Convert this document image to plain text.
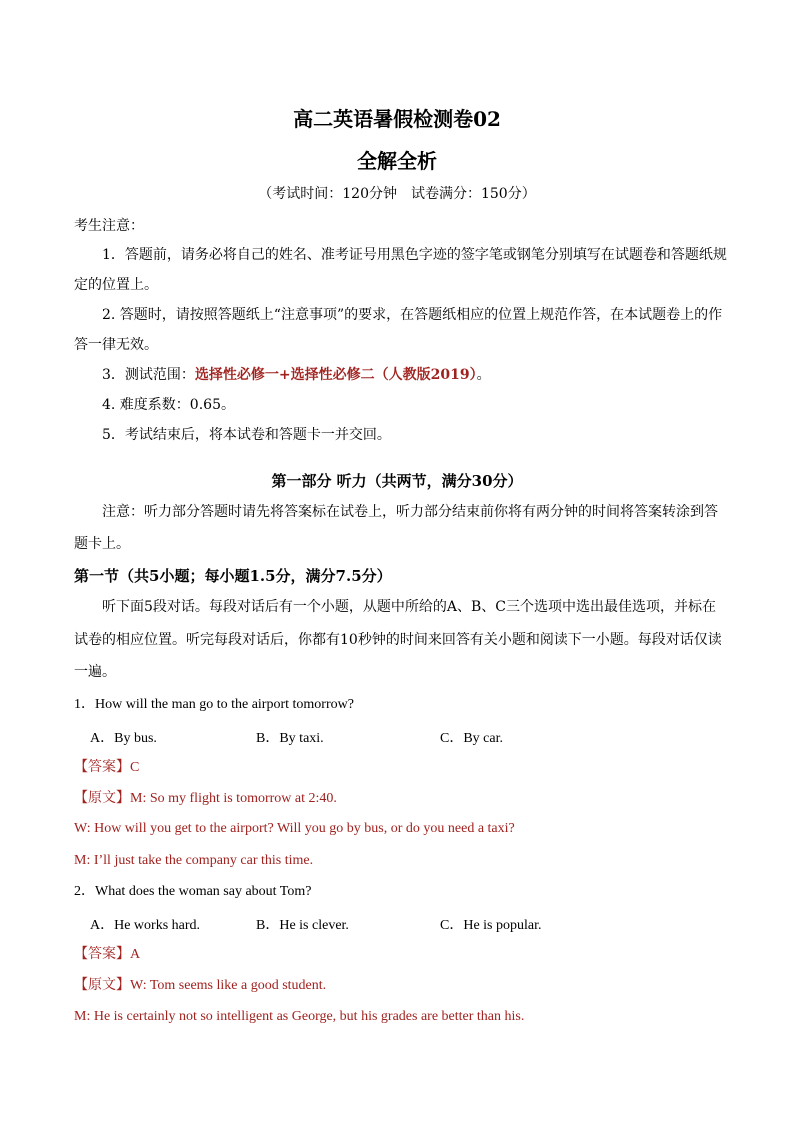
高二英语暑假检测卷02
全解全析
（考试时间：120分钟　试卷满分：150分）
考生注意：
1．答题前，请务必将自己的姓名、准考证号用黑色字迹的签字笔或钢笔分别填写在试题卷和答题纸规
定的位置上。
2. 答题时，请按照答题纸上“注意事项”的要求，在答题纸相应的位置上规范作答，在本试题卷上的作
答一律无效。
3．测试范围：选择性必修一+选择性必修二（人教版2019）。
4. 难度系数：0.65。
5．考试结束后，将本试卷和答题卡一并交回。
第一部分 听力（共两节，满分30分）
注意：听力部分答题时请先将答案标在试卷上，听力部分结束前你将有两分钟的时间将答案转涂到答
题卡上。
第一节（共5小题；每小题1.5分，满分7.5分）
听下面5段对话。每段对话后有一个小题，从题中所给的A、B、C三个选项中选出最佳选项，并标在
试卷的相应位置。听完每段对话后，你都有10秒钟的时间来回答有关小题和阅读下一小题。每段对话仅读
一遍。
1．How will the man go to the airport tomorrow?
A．By bus.	B．By taxi.	C．By car.
【答案】C
【原文】M: So my flight is tomorrow at 2:40.
W: How will you get to the airport? Will you go by bus, or do you need a taxi?
M: I’ll just take the company car this time.
2．What does the woman say about Tom?
A．He works hard.	B．He is clever.	C．He is popular.
【答案】A
【原文】W: Tom seems like a good student.
M: He is certainly not so intelligent as George, but his grades are better than his.
